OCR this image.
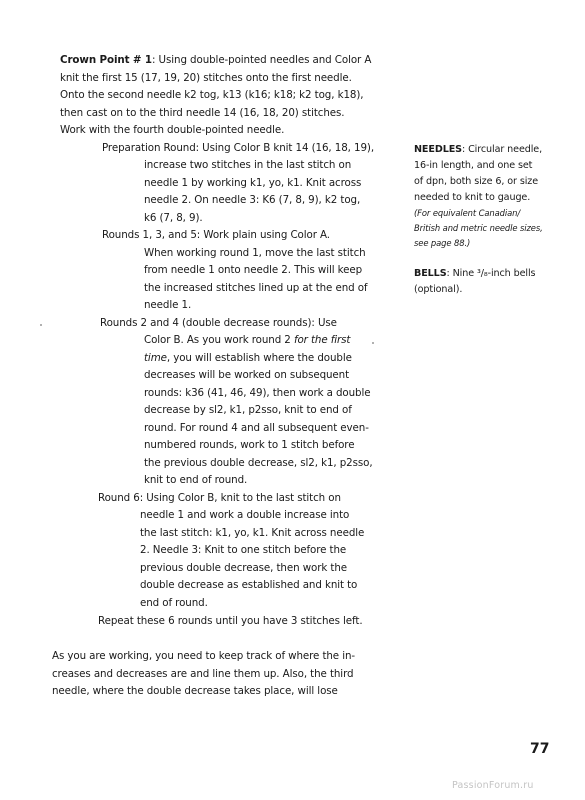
Crown Point # 1: Using double-pointed needles and Color A
knit the first 15 (17, 19, 20) stitches onto the first needle.
Onto the second needle k2 tog, k13 (k16; k18; k2 tog, k18),
then cast on to the third needle 14 (16, 18, 20) stitches.
Work with the fourth double-pointed needle.
Preparation Round: Using Color B knit 14 (16, 18, 19),
increase two stitches in the last stitch on
needle 1 by working k1, yo, k1. Knit across
needle 2. On needle 3: K6 (7, 8, 9), k2 tog,
k6 (7, 8, 9).
Rounds 1, 3, and 5: Work plain using Color A.
When working round 1, move the last stitch
from needle 1 onto needle 2. This will keep
the increased stitches lined up at the end of
needle 1.
Rounds 2 and 4 (double decrease rounds): Use
Color B. As you work round 2 for the first
time, you will establish where the double
decreases will be worked on subsequent
rounds: k36 (41, 46, 49), then work a double
decrease by sl2, k1, p2sso, knit to end of
round. For round 4 and all subsequent even-
numbered rounds, work to 1 stitch before
the previous double decrease, sl2, k1, p2sso,
knit to end of round.
Round 6: Using Color B, knit to the last stitch on
needle 1 and work a double increase into
the last stitch: k1, yo, k1. Knit across needle
2. Needle 3: Knit to one stitch before the
previous double decrease, then work the
double decrease as established and knit to
end of round.
Repeat these 6 rounds until you have 3 stitches left.
As you are working, you need to keep track of where the in-
creases and decreases are and line them up. Also, the third
needle, where the double decrease takes place, will lose
NEEDLES: Circular needle,
16-in length, and one set
of dpn, both size 6, or size
needed to knit to gauge.
(For equivalent Canadian/
British and metric needle sizes,
see page 88.)
BELLS: Nine ³/₈-inch bells
(optional).
77
PassionForum.ru
